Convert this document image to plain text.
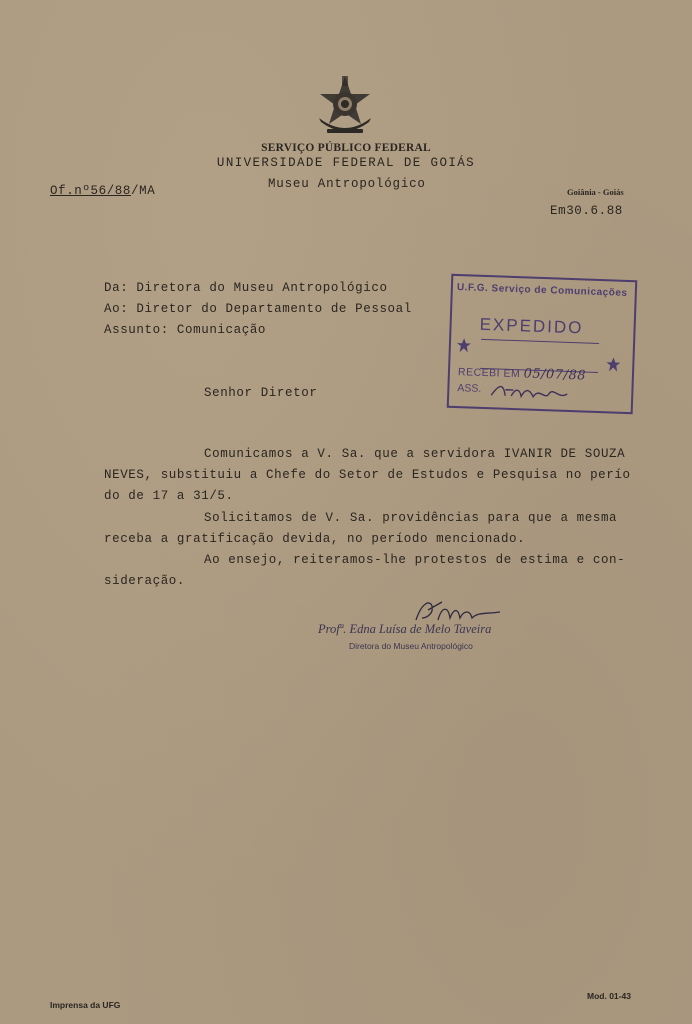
SERVIÇO PÚBLICO FEDERAL
UNIVERSIDADE FEDERAL DE GOIÁS
Museu Antropológico
Of.nº56/88/MA	Goiânia - Goiás
Em30.6.88
Da: Diretora do Museu Antropológico
Ao: Diretor do Departamento de Pessoal
Assunto: Comunicação
U.F.G. Serviço de Comunicações
EXPEDIDO
RECEBI EM 05/07/88
ASS.
Senhor Diretor
Comunicamos a V. Sa. que a servidora IVANIR DE SOUZA
NEVES, substituiu a Chefe do Setor de Estudos e Pesquisa no perío
do de 17 a 31/5.
Solicitamos de V. Sa. providências para que a mesma
receba a gratificação devida, no período mencionado.
Ao ensejo, reiteramos-lhe protestos de estima e con-
sideração.
Profª. Edna Luísa de Melo Taveira
Diretora do Museu Antropológico
Mod. 01-43
Imprensa da UFG
